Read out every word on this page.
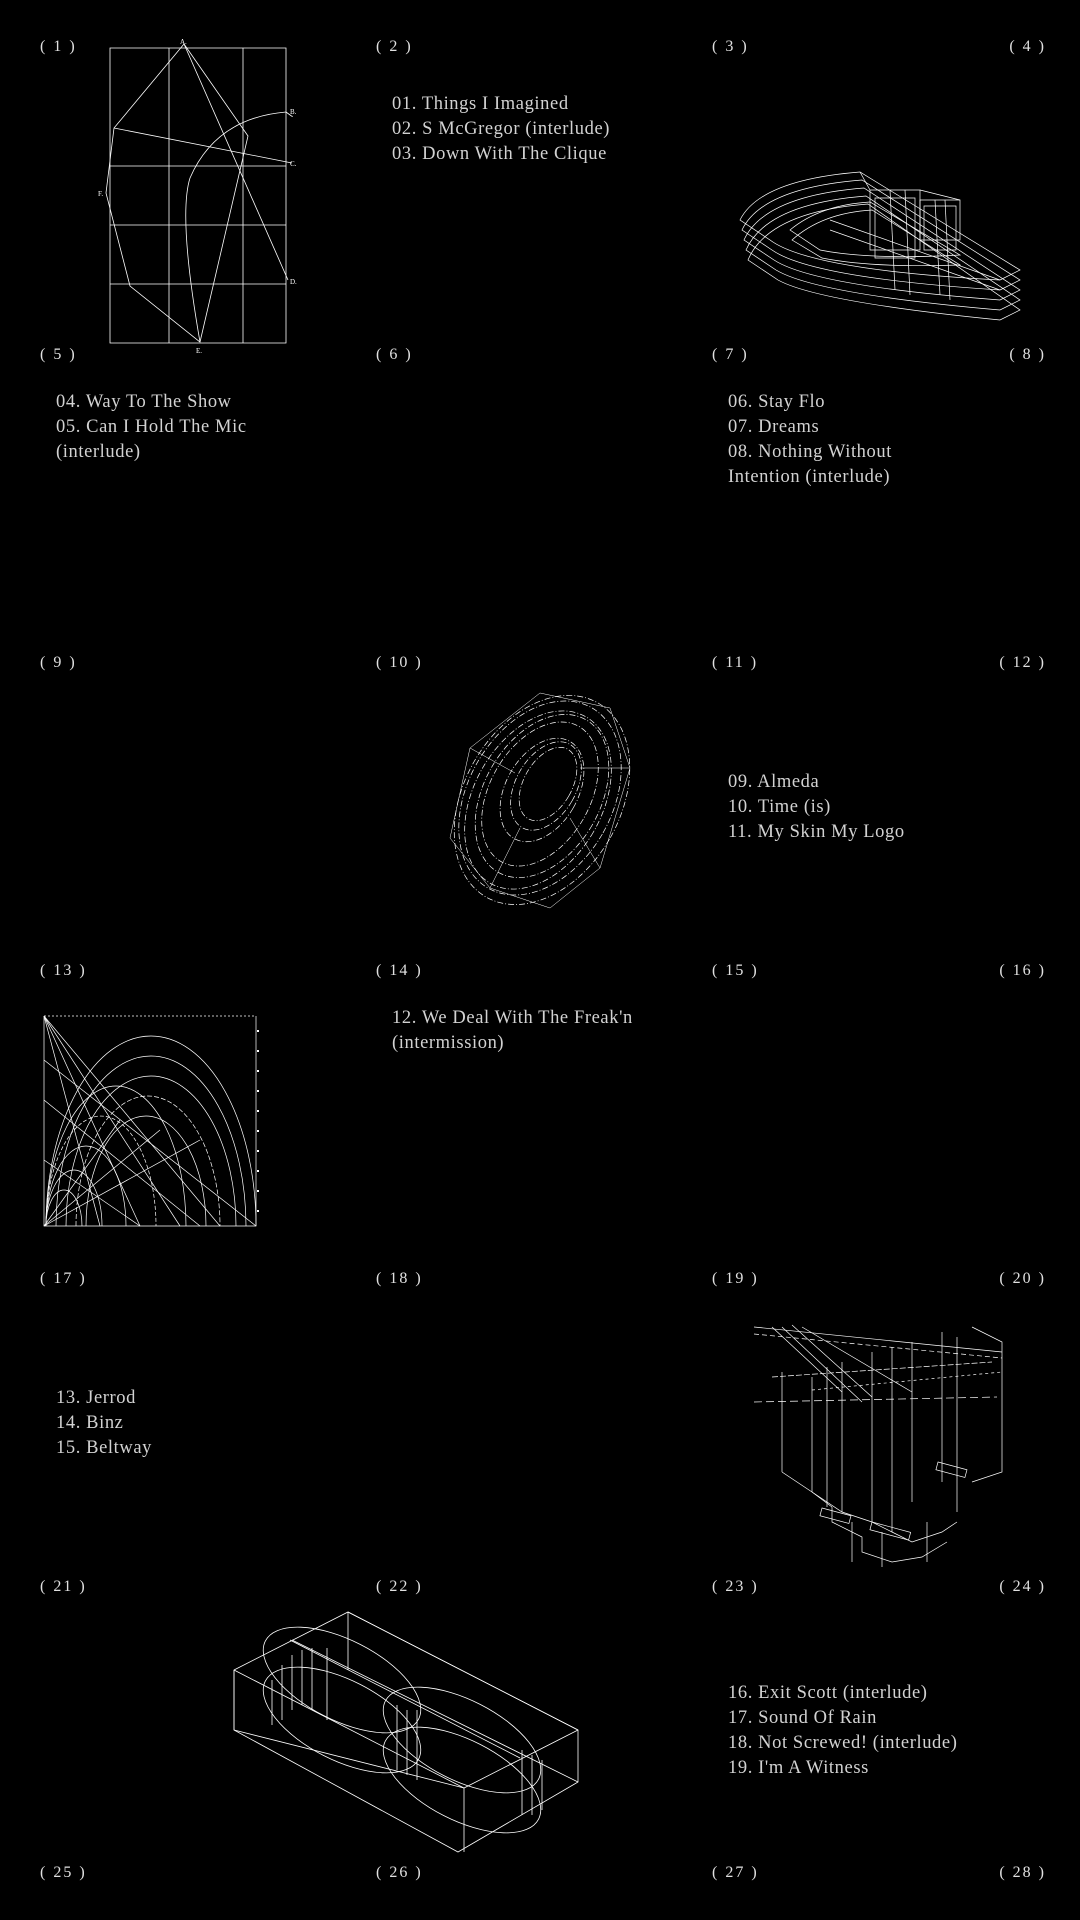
( 1 )	( 2 )	( 3 )	( 4 )
( 5 )	( 6 )	( 7 )	( 8 )
( 9 )	( 10 )	( 11 )	( 12 )
( 13 )	( 14 )	( 15 )	( 16 )
( 17 )	( 18 )	( 19 )	( 20 )
( 21 )	( 22 )	( 23 )	( 24 )
( 25 )	( 26 )	( 27 )	( 28 )
01. Things I Imagined
02. S McGregor (interlude)
03. Down With The Clique
04. Way To The Show
05. Can I Hold The Mic
(interlude)
06. Stay Flo
07. Dreams
08. Nothing Without
Intention (interlude)
09. Almeda
10. Time (is)
11. My Skin My Logo
12. We Deal With The Freak'n
(intermission)
13. Jerrod
14. Binz
15. Beltway
16. Exit Scott (interlude)
17. Sound Of Rain
18. Not Screwed! (interlude)
19. I'm A Witness
A.
B.
C.
D.
E.
F.
